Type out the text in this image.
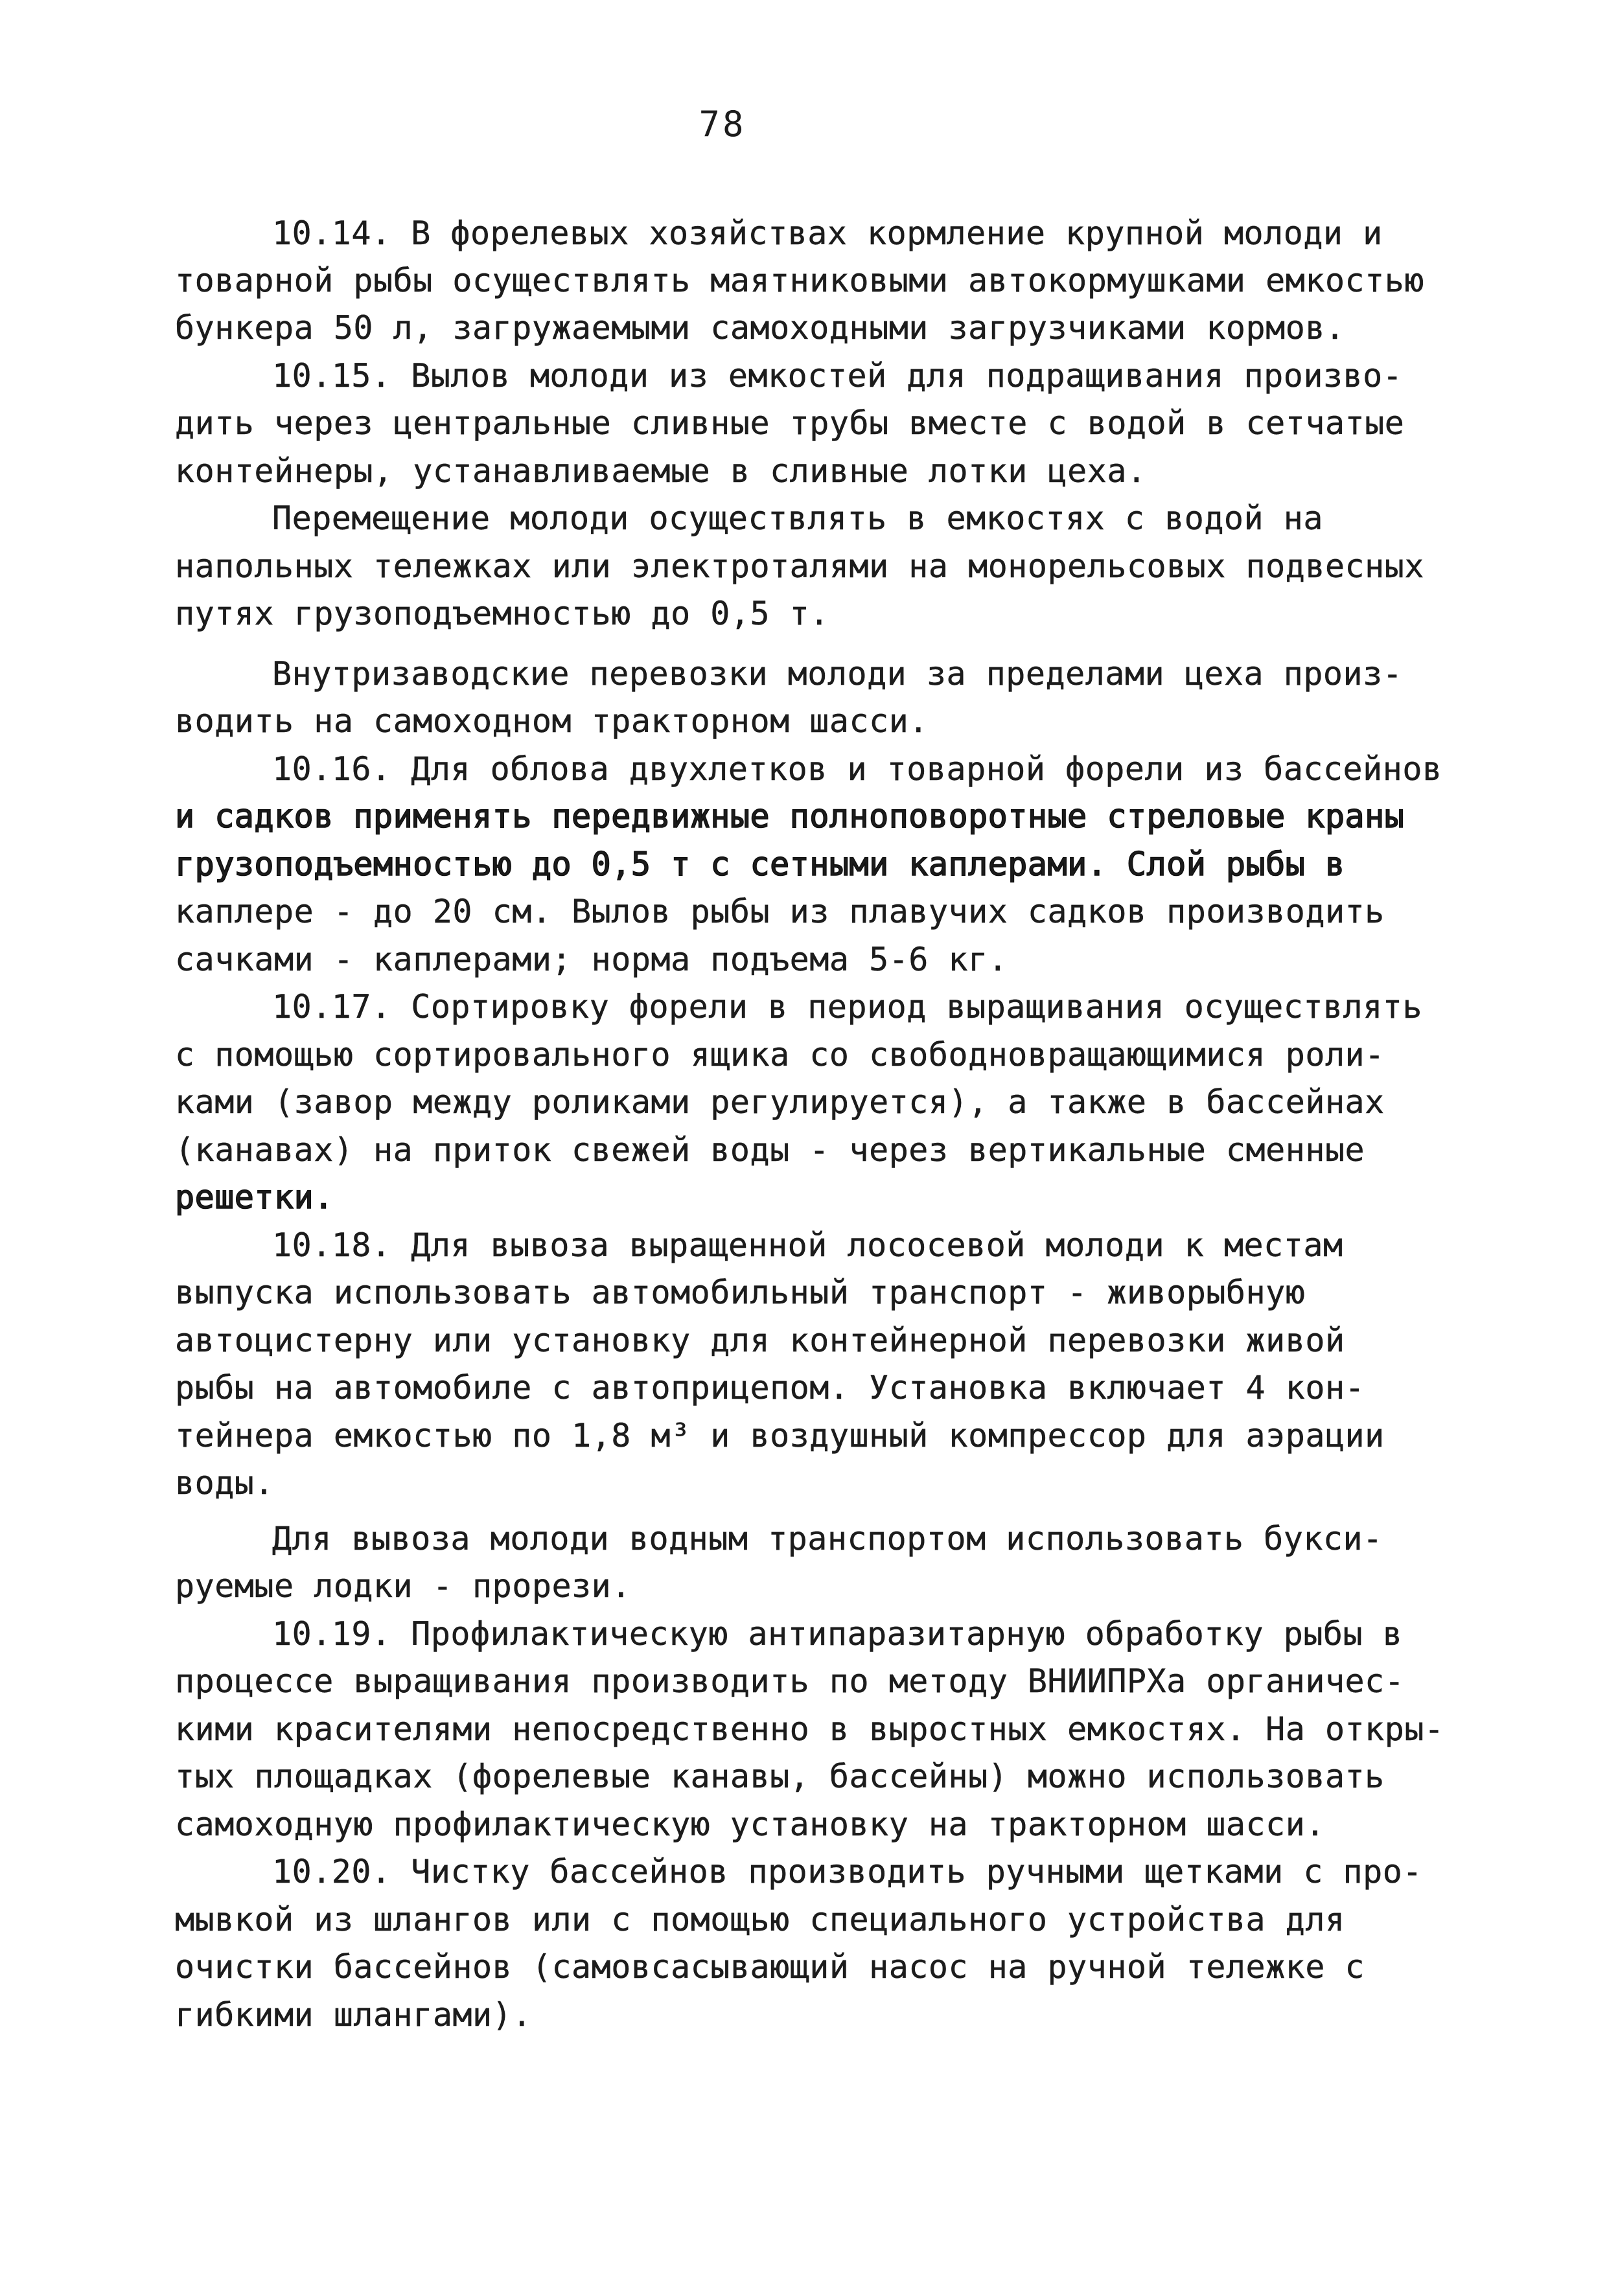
78
10.14. В форелевых хозяйствах кормление крупной молоди и
товарной рыбы осуществлять маятниковыми автокормушками емкостью
бункера 50 л, загружаемыми самоходными загрузчиками кормов.
10.15. Вылов молоди из емкостей для подращивания произво-
дить через центральные сливные трубы вместе с водой в сетчатые
контейнеры, устанавливаемые в сливные лотки цеха.
Перемещение молоди осуществлять в емкостях с водой на
напольных тележках или электроталями на монорельсовых подвесных
путях грузоподъемностью до 0,5 т.
Внутризаводские перевозки молоди за пределами цеха произ-
водить на самоходном тракторном шасси.
10.16. Для облова двухлетков и товарной форели из бассейнов
и садков применять передвижные полноповоротные стреловые краны
грузоподъемностью до 0,5 т с сетными каплерами. Слой рыбы в
каплере - до 20 см. Вылов рыбы из плавучих садков производить
сачками - каплерами; норма подъема 5-6 кг.
10.17. Сортировку форели в период выращивания осуществлять
с помощью сортировального ящика со свободновращающимися роли-
ками (завор между роликами регулируется), а также в бассейнах
(канавах) на приток свежей воды - через вертикальные сменные
решетки.
10.18. Для вывоза выращенной лососевой молоди к местам
выпуска использовать автомобильный транспорт - живорыбную
автоцистерну или установку для контейнерной перевозки живой
рыбы на автомобиле с автоприцепом. Установка включает 4 кон-
тейнера емкостью по 1,8 м³ и воздушный компрессор для аэрации
воды.
Для вывоза молоди водным транспортом использовать букси-
руемые лодки - прорези.
10.19. Профилактическую антипаразитарную обработку рыбы в
процессе выращивания производить по методу ВНИИПРХа органичес-
кими красителями непосредственно в выростных емкостях. На откры-
тых площадках (форелевые канавы, бассейны) можно использовать
самоходную профилактическую установку на тракторном шасси.
10.20. Чистку бассейнов производить ручными щетками с про-
мывкой из шлангов или с помощью специального устройства для
очистки бассейнов (самовсасывающий насос на ручной тележке с
гибкими шлангами).
